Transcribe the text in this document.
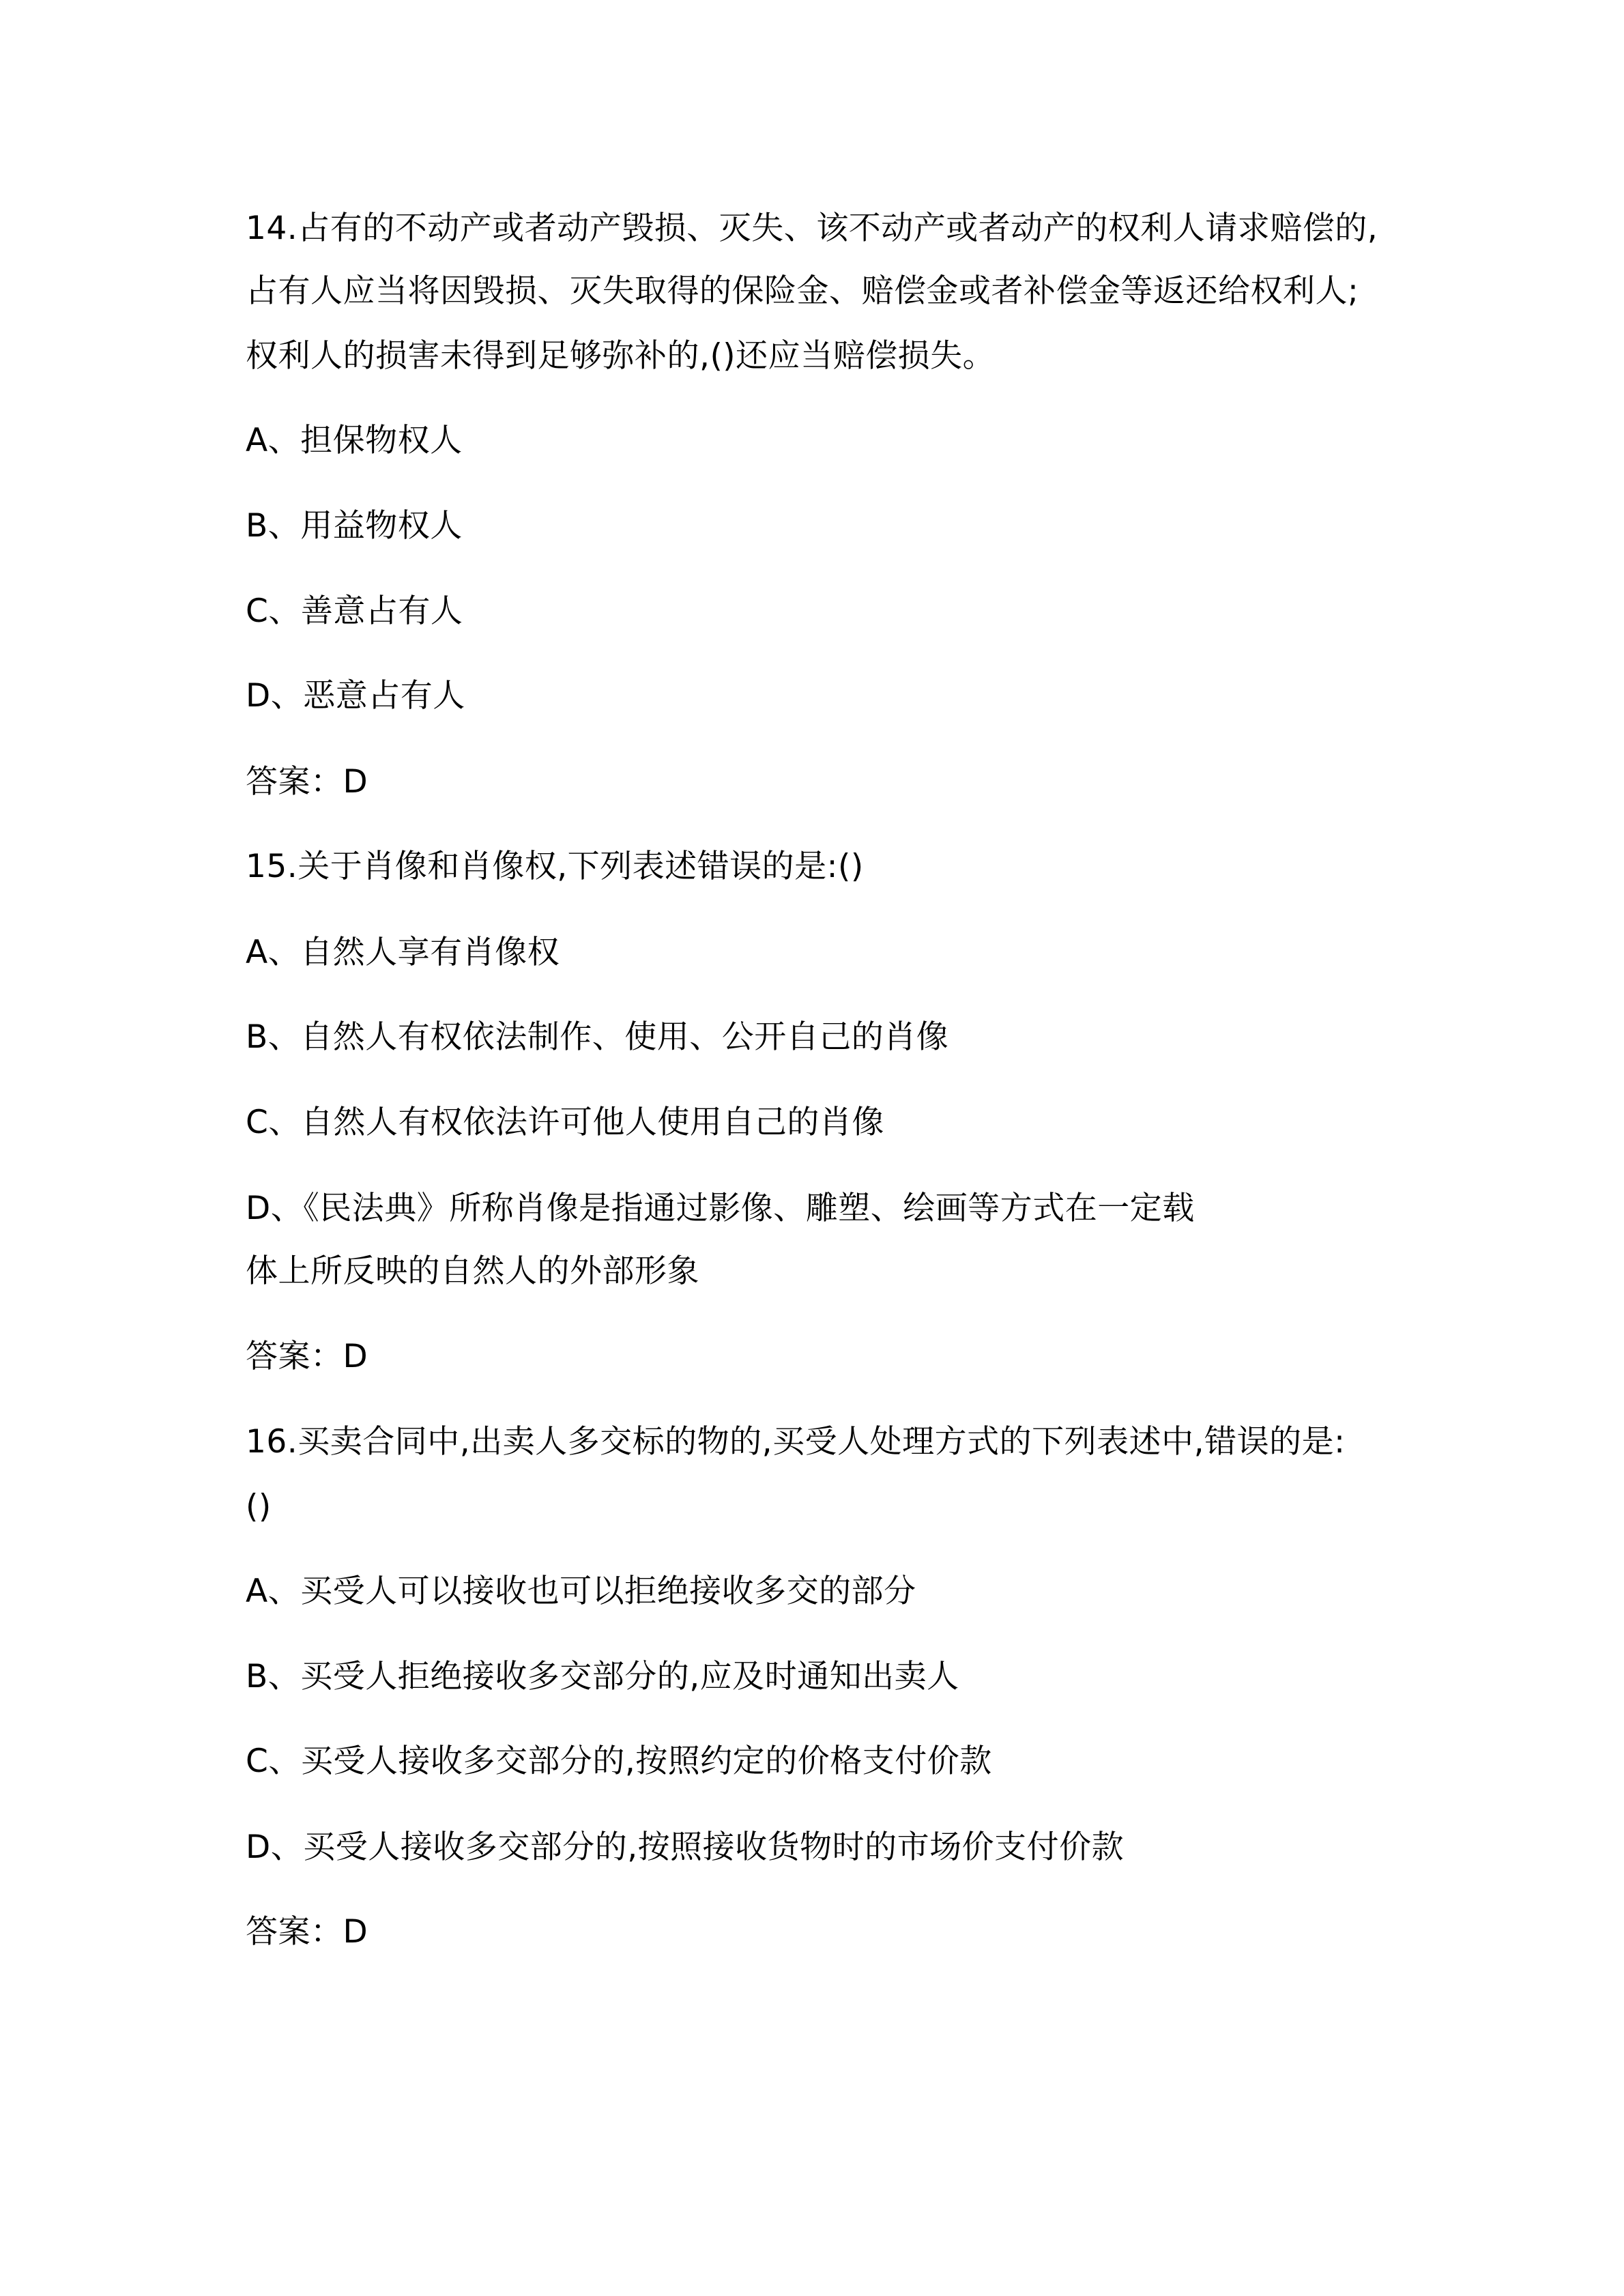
14.占有的不动产或者动产毁损、灭失、该不动产或者动产的权利人请求赔偿的,
占有人应当将因毁损、灭失取得的保险金、赔偿金或者补偿金等返还给权利人;
权利人的损害未得到足够弥补的,()还应当赔偿损失。
A、担保物权人
B、用益物权人
C、善意占有人
D、恶意占有人
答案：D
15.关于肖像和肖像权,下列表述错误的是:()
A、自然人享有肖像权
B、自然人有权依法制作、使用、公开自己的肖像
C、自然人有权依法许可他人使用自己的肖像
D、《民法典》所称肖像是指通过影像、雕塑、绘画等方式在一定载
体上所反映的自然人的外部形象
答案：D
16.买卖合同中,出卖人多交标的物的,买受人处理方式的下列表述中,错误的是:
()
A、买受人可以接收也可以拒绝接收多交的部分
B、买受人拒绝接收多交部分的,应及时通知出卖人
C、买受人接收多交部分的,按照约定的价格支付价款
D、买受人接收多交部分的,按照接收货物时的市场价支付价款
答案：D
